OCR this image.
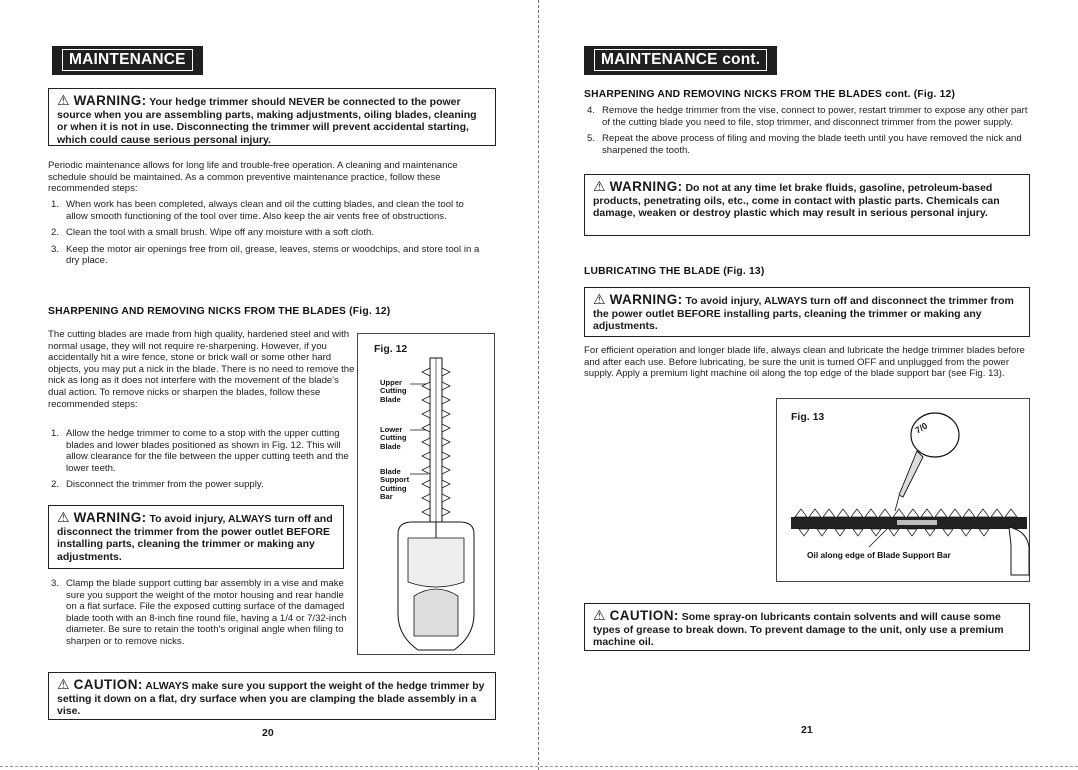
MAINTENANCE
⚠ WARNING: Your hedge trimmer should NEVER be connected to the power source when you are assembling parts, making adjustments, oiling blades, cleaning or when it is not in use. Disconnecting the trimmer will prevent accidental starting, which could cause serious personal injury.
Periodic maintenance allows for long life and trouble-free operation. A cleaning and maintenance schedule should be maintained. As a common preventive maintenance practice, follow these recommended steps:
1. When work has been completed, always clean and oil the cutting blades, and clean the tool to allow smooth functioning of the tool over time. Also keep the air vents free of obstructions.
2. Clean the tool with a small brush. Wipe off any moisture with a soft cloth.
3. Keep the motor air openings free from oil, grease, leaves, stems or woodchips, and store tool in a dry place.
SHARPENING AND REMOVING NICKS FROM THE BLADES (Fig. 12)
The cutting blades are made from high quality, hardened steel and with normal usage, they will not require re-sharpening. However, if you accidentally hit a wire fence, stone or brick wall or some other hard objects, you may put a nick in the blade. There is no need to remove the nick as long as it does not interfere with the movement of the blade's dual action. To remove nicks or sharpen the blades, follow these recommended steps:
1. Allow the hedge trimmer to come to a stop with the upper cutting blades and lower blades positioned as shown in Fig. 12. This will allow clearance for the file between the upper cutting teeth and the lower teeth.
2. Disconnect the trimmer from the power supply.
⚠ WARNING: To avoid injury, ALWAYS turn off and disconnect the trimmer from the power outlet BEFORE installing parts, cleaning the trimmer or making any adjustments.
3. Clamp the blade support cutting bar assembly in a vise and make sure you support the weight of the motor housing and rear handle on a flat surface. File the exposed cutting surface of the damaged blade tooth with an 8-inch fine round file, having a 1/4 or 7/32-inch diameter. Be sure to retain the tooth's original angle when filing to sharpen or to remove nicks.
⚠ CAUTION: ALWAYS make sure you support the weight of the hedge trimmer by setting it down on a flat, dry surface when you are clamping the blade assembly in a vise.
Fig. 12
Upper Cutting Blade
Lower Cutting Blade
Blade Support Cutting Bar
20
MAINTENANCE cont.
SHARPENING AND REMOVING NICKS FROM THE BLADES cont. (Fig. 12)
4. Remove the hedge trimmer from the vise, connect to power, restart trimmer to expose any other part of the cutting blade you need to file, stop trimmer, and disconnect trimmer from the power supply.
5. Repeat the above process of filing and moving the blade teeth until you have removed the nick and sharpened the tooth.
⚠ WARNING: Do not at any time let brake fluids, gasoline, petroleum-based products, penetrating oils, etc., come in contact with plastic parts. Chemicals can damage, weaken or destroy plastic which may result in serious personal injury.
LUBRICATING THE BLADE (Fig. 13)
⚠ WARNING: To avoid injury, ALWAYS turn off and disconnect the trimmer from the power outlet BEFORE installing parts, cleaning the trimmer or making any adjustments.
For efficient operation and longer blade life, always clean and lubricate the hedge trimmer blades before and after each use. Before lubricating, be sure the unit is turned OFF and unplugged from the power supply. Apply a premium light machine oil along the top edge of the blade support bar (see Fig. 13).
Fig. 13
7/0
Oil along edge of Blade Support Bar
⚠ CAUTION: Some spray-on lubricants contain solvents and will cause some types of grease to break down. To prevent damage to the unit, only use a premium machine oil.
21
